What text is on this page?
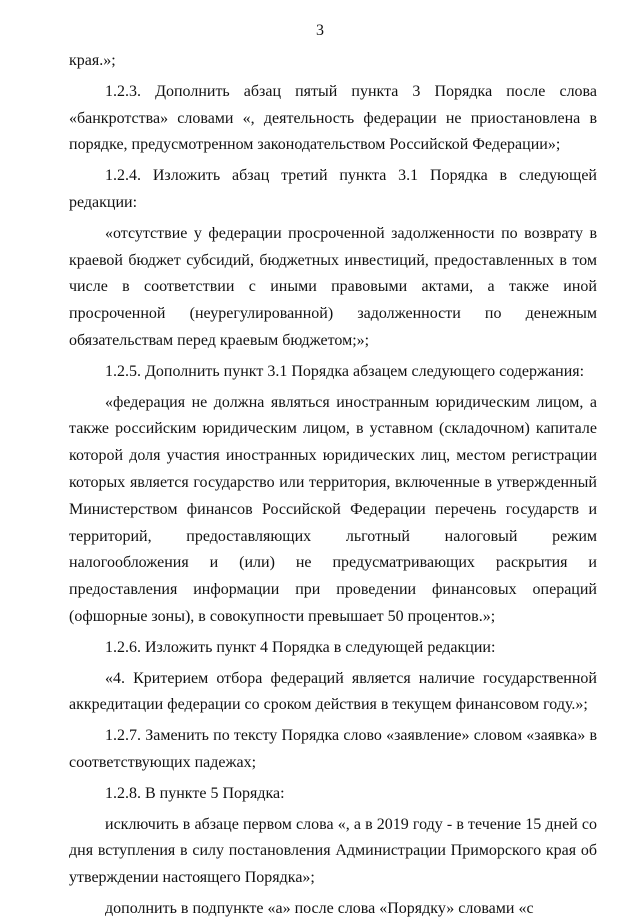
3

края.»;

1.2.3. Дополнить абзац пятый пункта 3 Порядка после слова «банкротства» словами «, деятельность федерации не приостановлена в порядке, предусмотренном законодательством Российской Федерации»;

1.2.4. Изложить абзац третий пункта 3.1 Порядка в следующей редакции:

«отсутствие у федерации просроченной задолженности по возврату в краевой бюджет субсидий, бюджетных инвестиций, предоставленных в том числе в соответствии с иными правовыми актами, а также иной просроченной (неурегулированной) задолженности по денежным обязательствам перед краевым бюджетом;»;

1.2.5. Дополнить пункт 3.1 Порядка абзацем следующего содержания:

«федерация не должна являться иностранным юридическим лицом, а также российским юридическим лицом, в уставном (складочном) капитале которой доля участия иностранных юридических лиц, местом регистрации которых является государство или территория, включенные в утвержденный Министерством финансов Российской Федерации перечень государств и территорий, предоставляющих льготный налоговый режим налогообложения и (или) не предусматривающих раскрытия и предоставления информации при проведении финансовых операций (офшорные зоны), в совокупности превышает 50 процентов.»;

1.2.6. Изложить пункт 4 Порядка в следующей редакции:

«4. Критерием отбора федераций является наличие государственной аккредитации федерации со сроком действия в текущем финансовом году.»;

1.2.7. Заменить по тексту Порядка слово «заявление» словом «заявка» в соответствующих падежах;

1.2.8. В пункте 5 Порядка:

исключить в абзаце первом слова «, а в 2019 году - в течение 15 дней со дня вступления в силу постановления Администрации Приморского края об утверждении настоящего Порядка»;

дополнить в подпункте «а» после слова «Порядку» словами «с
